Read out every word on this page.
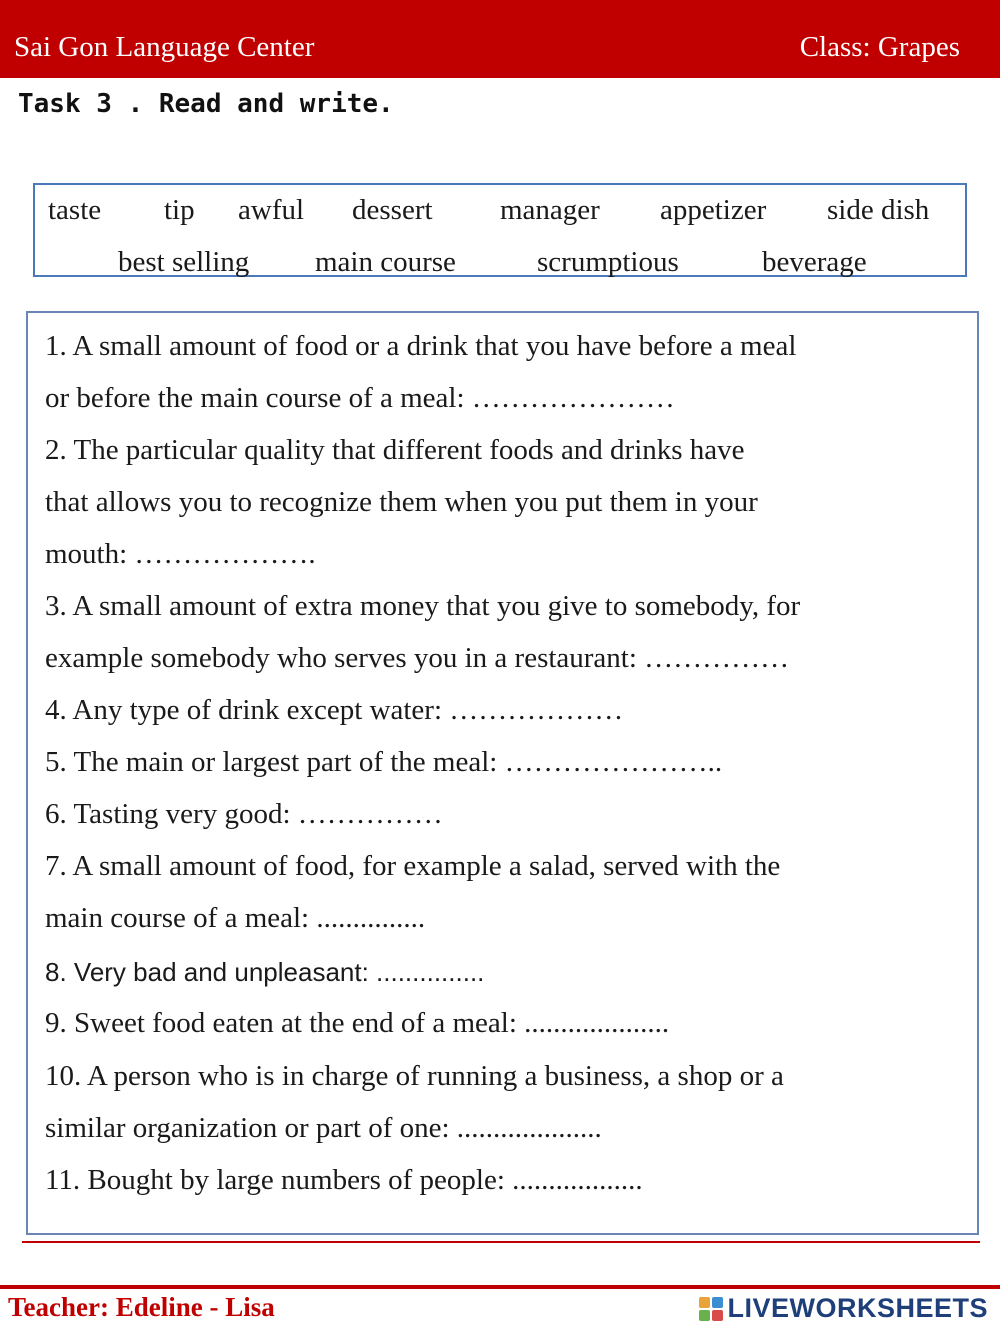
Sai Gon Language Center	Class: Grapes
Task 3 . Read and write.
taste tip awful dessert manager appetizer side dish
best selling main course	scrumptious	beverage
1. A small amount of food or a drink that you have before a meal
or before the main course of a meal: …………………
2. The particular quality that different foods and drinks have
that allows you to recognize them when you put them in your
mouth: ……………….
3. A small amount of extra money that you give to somebody, for
example somebody who serves you in a restaurant: ……………
4. Any type of drink except water: ………………
5. The main or largest part of the meal: …………………..
6. Tasting very good: ……………
7. A small amount of food, for example a salad, served with the
main course of a meal: ...............
8. Very bad and unpleasant: ...............
9. Sweet food eaten at the end of a meal: ....................
10. A person who is in charge of running a business, a shop or a
similar organization or part of one: ....................
11. Bought by large numbers of people: ..................
Teacher: Edeline - Lisa	LIVEWORKSHEETS
